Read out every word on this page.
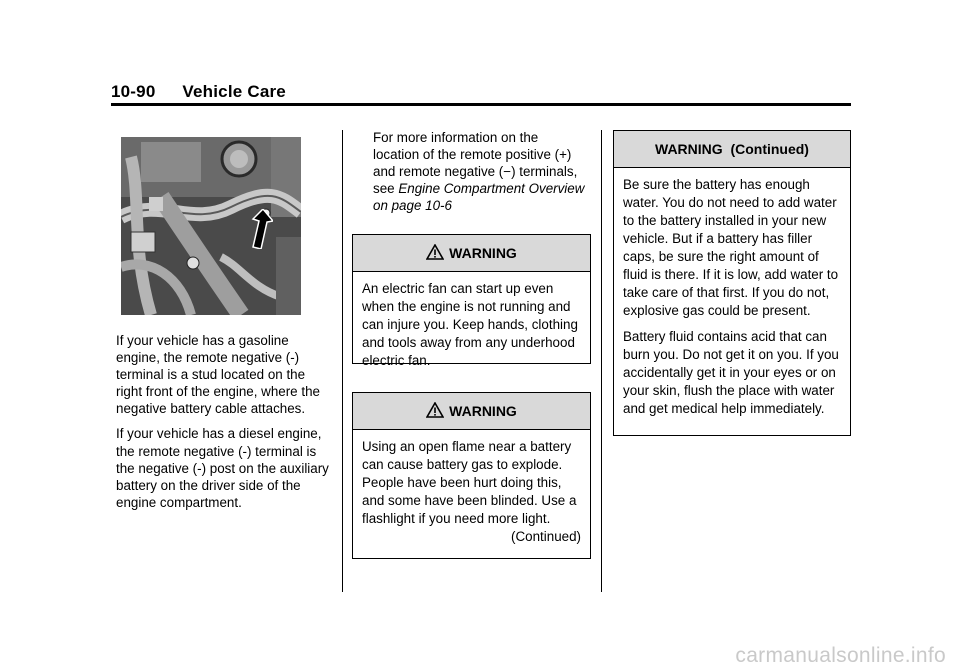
10-90 Vehicle Care

If your vehicle has a gasoline engine, the remote negative (-) terminal is a stud located on the right front of the engine, where the negative battery cable attaches.

If your vehicle has a diesel engine, the remote negative (-) terminal is the negative (-) post on the auxiliary battery on the driver side of the engine compartment.

For more information on the location of the remote positive (+) and remote negative (−) terminals, see Engine Compartment Overview on page 10-6
WARNING

An electric fan can start up even when the engine is not running and can injure you. Keep hands, clothing and tools away from any underhood electric fan.

WARNING

Using an open flame near a battery can cause battery gas to explode. People have been hurt doing this, and some have been blinded. Use a flashlight if you need more light.

(Continued)

WARNING  (Continued)

Be sure the battery has enough water. You do not need to add water to the battery installed in your new vehicle. But if a battery has filler caps, be sure the right amount of fluid is there. If it is low, add water to take care of that first. If you do not, explosive gas could be present.

Battery fluid contains acid that can burn you. Do not get it on you. If you accidentally get it in your eyes or on your skin, flush the place with water and get medical help immediately.

carmanualsonline.info
